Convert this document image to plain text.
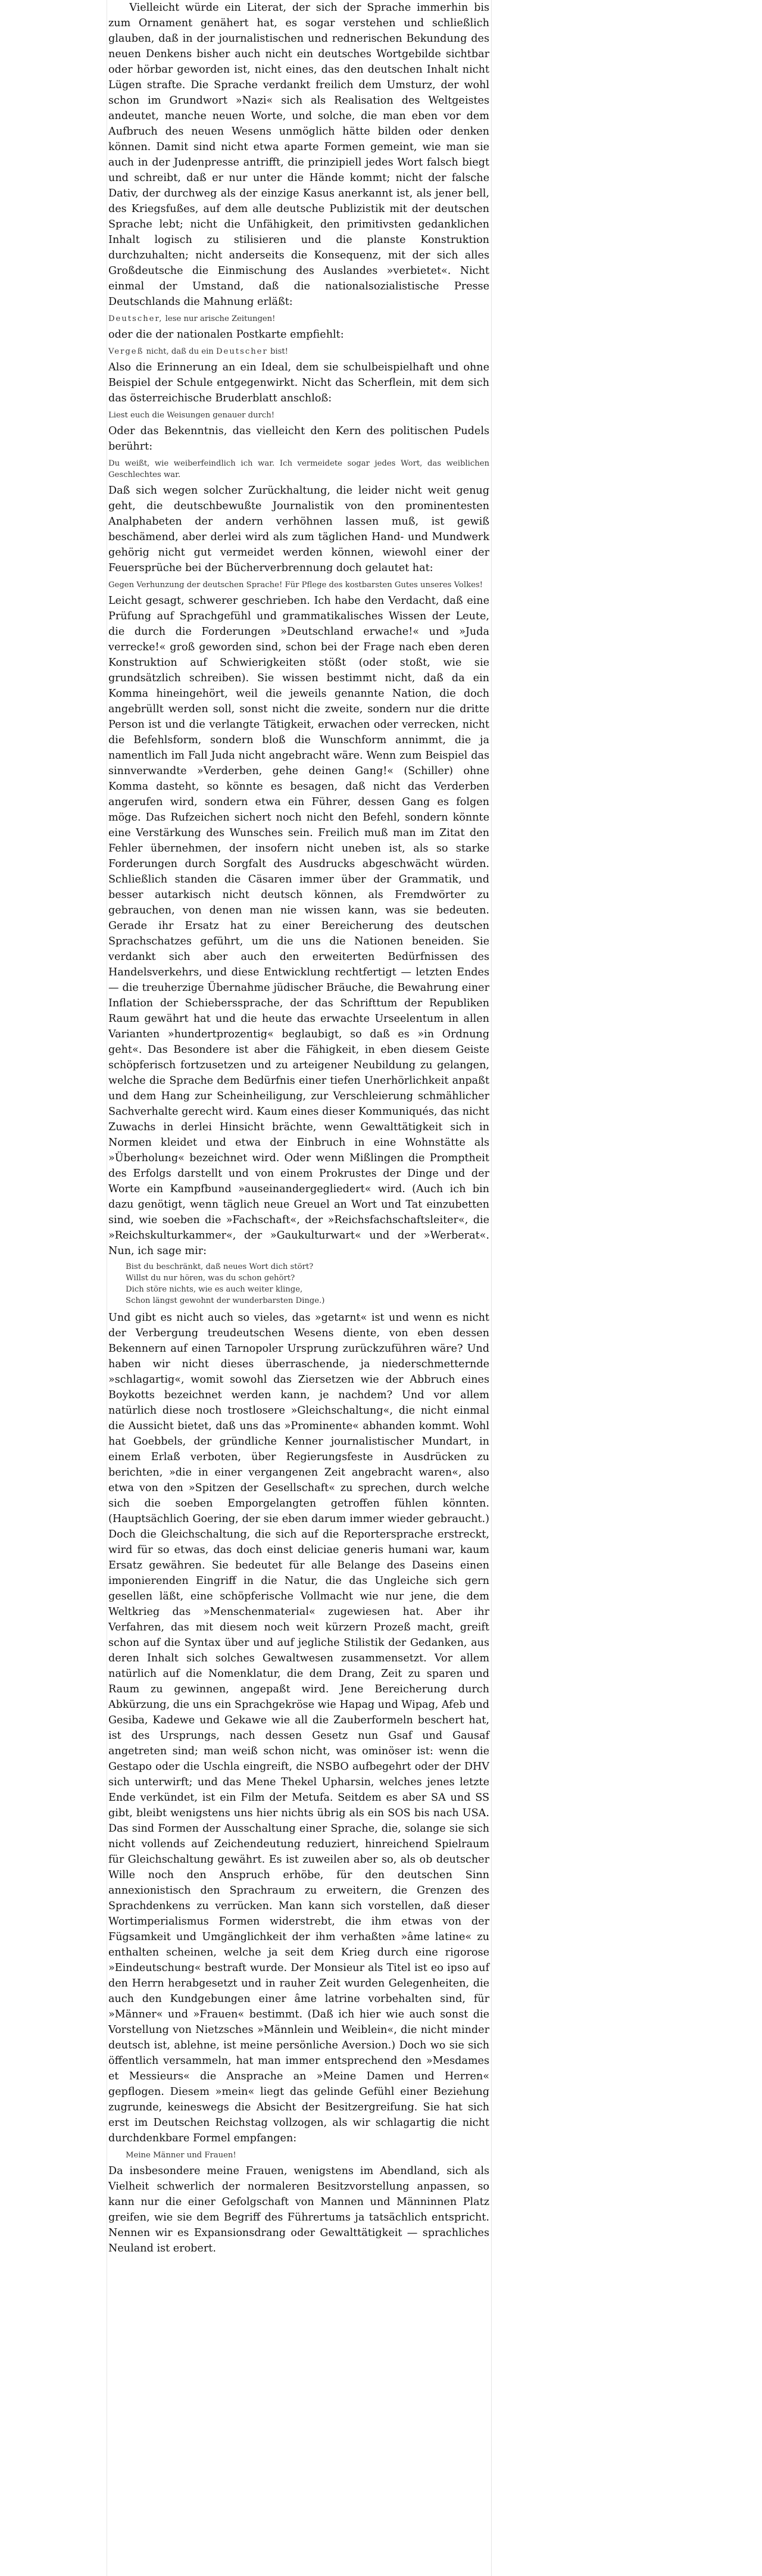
Vielleicht würde ein Literat, der sich der Sprache immerhin bis zum Ornament genähert hat, es sogar verstehen und schließlich glauben, daß in der journalistischen und rednerischen Bekundung des neuen Denkens bisher auch nicht ein deutsches Wortgebilde sichtbar oder hörbar geworden ist, nicht eines, das den deutschen Inhalt nicht Lügen strafte. Die Sprache verdankt freilich dem Umsturz, der wohl schon im Grundwort »Nazi« sich als Realisation des Weltgeistes andeutet, manche neuen Worte, und solche, die man eben vor dem Aufbruch des neuen Wesens unmöglich hätte bilden oder denken können. Damit sind nicht etwa aparte Formen gemeint, wie man sie auch in der Judenpresse antrifft, die prinzipiell jedes Wort falsch biegt und schreibt, daß er nur unter die Hände kommt; nicht der falsche Dativ, der durchweg als der einzige Kasus anerkannt ist, als jener bell, des Kriegsfußes, auf dem alle deutsche Publizistik mit der deutschen Sprache lebt; nicht die Unfähigkeit, den primitivsten gedanklichen Inhalt logisch zu stilisieren und die planste Konstruktion durchzuhalten; nicht anderseits die Konsequenz, mit der sich alles Großdeutsche die Einmischung des Auslandes »verbietet«. Nicht einmal der Umstand, daß die nationalsozialistische Presse Deutschlands die Mahnung erläßt:

Deutscher, lese nur arische Zeitungen!

oder die der nationalen Postkarte empfiehlt:

Vergeß nicht, daß du ein Deutscher bist!

Also die Erinnerung an ein Ideal, dem sie schulbeispielhaft und ohne Beispiel der Schule entgegenwirkt. Nicht das Scherflein, mit dem sich das österreichische Bruderblatt anschloß:

Liest euch die Weisungen genauer durch!

Oder das Bekenntnis, das vielleicht den Kern des politischen Pudels berührt:

Du weißt, wie weiberfeindlich ich war. Ich vermeidete sogar jedes Wort, das weiblichen Geschlechtes war.

Daß sich wegen solcher Zurückhaltung, die leider nicht weit genug geht, die deutschbewußte Journalistik von den prominentesten Analphabeten der andern verhöhnen lassen muß, ist gewiß beschämend, aber derlei wird als zum täglichen Hand- und Mundwerk gehörig nicht gut vermeidet werden können, wiewohl einer der Feuersprüche bei der Bücherverbrennung doch gelautet hat:

Gegen Verhunzung der deutschen Sprache! Für Pflege des kostbarsten Gutes unseres Volkes!

Leicht gesagt, schwerer geschrieben. Ich habe den Verdacht, daß eine Prüfung auf Sprachgefühl und grammatikalisches Wissen der Leute, die durch die Forderungen »Deutschland erwache!« und »Juda verrecke!« groß geworden sind, schon bei der Frage nach eben deren Konstruktion auf Schwierigkeiten stößt (oder stoßt, wie sie grundsätzlich schreiben). Sie wissen bestimmt nicht, daß da ein Komma hineingehört, weil die jeweils genannte Nation, die doch angebrüllt werden soll, sonst nicht die zweite, sondern nur die dritte Person ist und die verlangte Tätigkeit, erwachen oder verrecken, nicht die Befehlsform, sondern bloß die Wunschform annimmt, die ja namentlich im Fall Juda nicht angebracht wäre. Wenn zum Beispiel das sinnverwandte »Verderben, gehe deinen Gang!« (Schiller) ohne Komma dasteht, so könnte es besagen, daß nicht das Verderben angerufen wird, sondern etwa ein Führer, dessen Gang es folgen möge. Das Rufzeichen sichert noch nicht den Befehl, sondern könnte eine Verstärkung des Wunsches sein. Freilich muß man im Zitat den Fehler übernehmen, der insofern nicht uneben ist, als so starke Forderungen durch Sorgfalt des Ausdrucks abgeschwächt würden. Schließlich standen die Cäsaren immer über der Grammatik, und besser autarkisch nicht deutsch können, als Fremdwörter zu gebrauchen, von denen man nie wissen kann, was sie bedeuten. Gerade ihr Ersatz hat zu einer Bereicherung des deutschen Sprachschatzes geführt, um die uns die Nationen beneiden. Sie verdankt sich aber auch den erweiterten Bedürfnissen des Handelsverkehrs, und diese Entwicklung rechtfertigt — letzten Endes — die treuherzige Übernahme jüdischer Bräuche, die Bewahrung einer Inflation der Schieberssprache, der das Schrifttum der Republiken Raum gewährt hat und die heute das erwachte Urseelentum in allen Varianten »hundertprozentig« beglaubigt, so daß es »in Ordnung geht«. Das Besondere ist aber die Fähigkeit, in eben diesem Geiste schöpferisch fortzusetzen und zu arteigener Neubildung zu gelangen, welche die Sprache dem Bedürfnis einer tiefen Unerhörlichkeit anpaßt und dem Hang zur Scheinheiligung, zur Verschleierung schmählicher Sachverhalte gerecht wird. Kaum eines dieser Kommuniqués, das nicht Zuwachs in derlei Hinsicht brächte, wenn Gewalttätigkeit sich in Normen kleidet und etwa der Einbruch in eine Wohnstätte als »Überholung« bezeichnet wird. Oder wenn Mißlingen die Promptheit des Erfolgs darstellt und von einem Prokrustes der Dinge und der Worte ein Kampfbund »auseinandergegliedert« wird. (Auch ich bin dazu genötigt, wenn täglich neue Greuel an Wort und Tat einzubetten sind, wie soeben die »Fachschaft«, der »Reichsfachschaftsleiter«, die »Reichskulturkammer«, der »Gaukulturwart« und der »Werberat«. Nun, ich sage mir:

Bist du beschränkt, daß neues Wort dich stört?
Willst du nur hören, was du schon gehört?
Dich störe nichts, wie es auch weiter klinge,
Schon längst gewohnt der wunderbarsten Dinge.)

Und gibt es nicht auch so vieles, das »getarnt« ist und wenn es nicht der Verbergung treudeutschen Wesens diente, von eben dessen Bekennern auf einen Tarnopoler Ursprung zurückzuführen wäre? Und haben wir nicht dieses überraschende, ja niederschmetternde »schlagartig«, womit sowohl das Ziersetzen wie der Abbruch eines Boykotts bezeichnet werden kann, je nachdem? Und vor allem natürlich diese noch trostlosere »Gleichschaltung«, die nicht einmal die Aussicht bietet, daß uns das »Prominente« abhanden kommt. Wohl hat Goebbels, der gründliche Kenner journalistischer Mundart, in einem Erlaß verboten, über Regierungsfeste in Ausdrücken zu berichten, »die in einer vergangenen Zeit angebracht waren«, also etwa von den »Spitzen der Gesellschaft« zu sprechen, durch welche sich die soeben Emporgelangten getroffen fühlen könnten. (Hauptsächlich Goering, der sie eben darum immer wieder gebraucht.) Doch die Gleichschaltung, die sich auf die Reportersprache erstreckt, wird für so etwas, das doch einst deliciae generis humani war, kaum Ersatz gewähren. Sie bedeutet für alle Belange des Daseins einen imponierenden Eingriff in die Natur, die das Ungleiche sich gern gesellen läßt, eine schöpferische Vollmacht wie nur jene, die dem Weltkrieg das »Menschenmaterial« zugewiesen hat. Aber ihr Verfahren, das mit diesem noch weit kürzern Prozeß macht, greift schon auf die Syntax über und auf jegliche Stilistik der Gedanken, aus deren Inhalt sich solches Gewaltwesen zusammensetzt. Vor allem natürlich auf die Nomenklatur, die dem Drang, Zeit zu sparen und Raum zu gewinnen, angepaßt wird. Jene Bereicherung durch Abkürzung, die uns ein Sprachgekröse wie Hapag und Wipag, Afeb und Gesiba, Kadewe und Gekawe wie all die Zauberformeln beschert hat, ist des Ursprungs, nach dessen Gesetz nun Gsaf und Gausaf angetreten sind; man weiß schon nicht, was ominöser ist: wenn die Gestapo oder die Uschla eingreift, die NSBO aufbegehrt oder der DHV sich unterwirft; und das Mene Thekel Upharsin, welches jenes letzte Ende verkündet, ist ein Film der Metufa. Seitdem es aber SA und SS gibt, bleibt wenigstens uns hier nichts übrig als ein SOS bis nach USA. Das sind Formen der Ausschaltung einer Sprache, die, solange sie sich nicht vollends auf Zeichendeutung reduziert, hinreichend Spielraum für Gleichschaltung gewährt. Es ist zuweilen aber so, als ob deutscher Wille noch den Anspruch erhöbe, für den deutschen Sinn annexionistisch den Sprachraum zu erweitern, die Grenzen des Sprachdenkens zu verrücken. Man kann sich vorstellen, daß dieser Wortimperialismus Formen widerstrebt, die ihm etwas von der Fügsamkeit und Umgänglichkeit der ihm verhaßten »âme latine« zu enthalten scheinen, welche ja seit dem Krieg durch eine rigorose »Eindeutschung« bestraft wurde. Der Monsieur als Titel ist eo ipso auf den Herrn herabgesetzt und in rauher Zeit wurden Gelegenheiten, die auch den Kundgebungen einer âme latrine vorbehalten sind, für »Männer« und »Frauen« bestimmt. (Daß ich hier wie auch sonst die Vorstellung von Nietzsches »Männlein und Weiblein«, die nicht minder deutsch ist, ablehne, ist meine persönliche Aversion.) Doch wo sie sich öffentlich versammeln, hat man immer entsprechend den »Mesdames et Messieurs« die Ansprache an »Meine Damen und Herren« gepflogen. Diesem »mein« liegt das gelinde Gefühl einer Beziehung zugrunde, keineswegs die Absicht der Besitzergreifung. Sie hat sich erst im Deutschen Reichstag vollzogen, als wir schlagartig die nicht durchdenkbare Formel empfangen:

Meine Männer und Frauen!

Da insbesondere meine Frauen, wenigstens im Abendland, sich als Vielheit schwerlich der normaleren Besitzvorstellung anpassen, so kann nur die einer Gefolgschaft von Mannen und Männinnen Platz greifen, wie sie dem Begriff des Führertums ja tatsächlich entspricht. Nennen wir es Expansionsdrang oder Gewalttätigkeit — sprachliches Neuland ist erobert.
